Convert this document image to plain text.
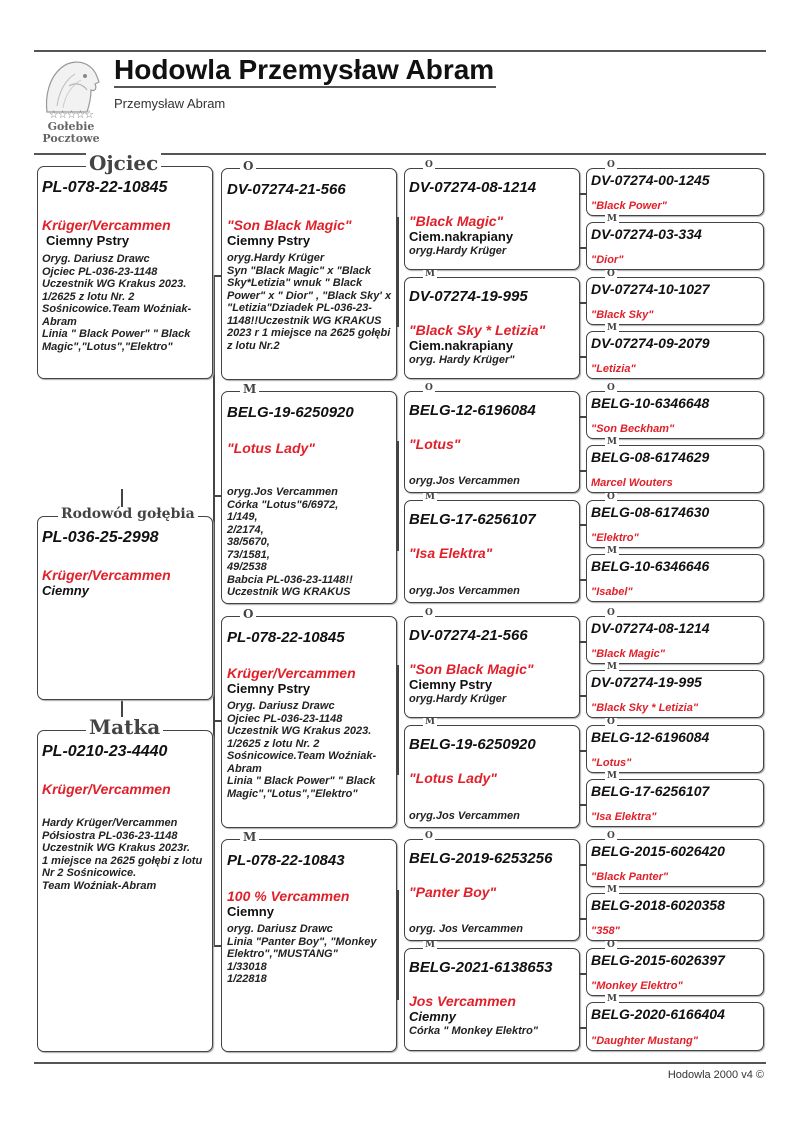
☆☆☆☆☆
Gołebie
Pocztowe
Hodowla Przemysław Abram
Przemysław Abram
Ojciec
PL-078-22-10845
Krüger/Vercammen
Ciemny Pstry
Oryg. Dariusz Drawc
Ojciec PL-036-23-1148
Uczestnik WG Krakus 2023.
1/2625 z lotu Nr. 2
Sośnicowice.Team Woźniak-Abram
Linia " Black Power" " Black Magic","Lotus","Elektro"
Rodowód gołębia
PL-036-25-2998
Krüger/Vercammen
Ciemny
Matka
PL-0210-23-4440
Krüger/Vercammen
Hardy Krüger/Vercammen
Półsiostra PL-036-23-1148
Uczestnik WG Krakus 2023r.
1 miejsce na 2625 gołębi z lotu Nr 2 Sośnicowice.
Team Woźniak-Abram
O
DV-07274-21-566
"Son Black Magic"
Ciemny Pstry
oryg.Hardy Krüger
Syn "Black Magic" x "Black Sky*Letizia" wnuk " Black Power" x " Dior" , "Black Sky' x "Letizia"Dziadek PL-036-23-1148!!Uczestnik WG KRAKUS 2023 r 1 miejsce na 2625 gołębi z lotu Nr.2
M
BELG-19-6250920
"Lotus Lady"
oryg.Jos Vercammen
Córka "Lotus"6/6972,
1/149,
2/2174,
38/5670,
73/1581,
49/2538
Babcia PL-036-23-1148!!
Uczestnik WG KRAKUS
O
PL-078-22-10845
Krüger/Vercammen
Ciemny Pstry
Oryg. Dariusz Drawc
Ojciec PL-036-23-1148
Uczestnik WG Krakus 2023.
1/2625 z lotu Nr. 2
Sośnicowice.Team Woźniak-Abram
Linia " Black Power" " Black Magic","Lotus","Elektro"
M
PL-078-22-10843
100 % Vercammen
Ciemny
oryg. Dariusz Drawc
Linia "Panter Boy", "Monkey Elektro","MUSTANG"
1/33018
1/22818
O
DV-07274-08-1214
"Black Magic"
Ciem.nakrapiany
oryg.Hardy Krüger
M
DV-07274-19-995
"Black Sky * Letizia"
Ciem.nakrapiany
oryg. Hardy Krüger"
O
BELG-12-6196084
"Lotus"
oryg.Jos Vercammen
M
BELG-17-6256107
"Isa Elektra"
oryg.Jos Vercammen
O
DV-07274-21-566
"Son Black Magic"
Ciemny Pstry
oryg.Hardy Krüger
M
BELG-19-6250920
"Lotus Lady"
oryg.Jos Vercammen
O
BELG-2019-6253256
"Panter Boy"
oryg. Jos Vercammen
M
BELG-2021-6138653
Jos Vercammen
Ciemny
Córka " Monkey Elektro"
O
DV-07274-00-1245
"Black Power"
M
DV-07274-03-334
"Dior"
O
DV-07274-10-1027
"Black Sky"
M
DV-07274-09-2079
"Letizia"
O
BELG-10-6346648
"Son Beckham"
M
BELG-08-6174629
Marcel Wouters
O
BELG-08-6174630
"Elektro"
M
BELG-10-6346646
"Isabel"
O
DV-07274-08-1214
"Black Magic"
M
DV-07274-19-995
"Black Sky * Letizia"
O
BELG-12-6196084
"Lotus"
M
BELG-17-6256107
"Isa Elektra"
O
BELG-2015-6026420
"Black Panter"
M
BELG-2018-6020358
"358"
O
BELG-2015-6026397
"Monkey Elektro"
M
BELG-2020-6166404
"Daughter Mustang"
Hodowla 2000 v4 ©
